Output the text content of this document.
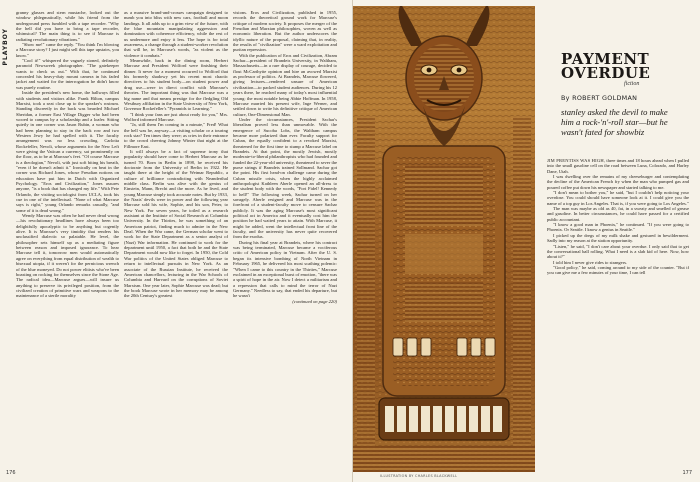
PLAYBOY

granny glasses and stern mustache, looked out the window phlegmatically, while his friend from the underground press fumbled with a tape recorder. "Why the hell did you have to bring a tape recorder, whimsical? The main thing is to see if Marcuse is radiating revolutionary vibrations."

"Show me!" came the reply. "You think I'm blowing a Marcuse story? I just might sell this tape upstairs, you know."

"Cool it!" whispered the vaguely stoned, definitely paranoid Newsweek photographer. "The gatekeeper wants to check us out." With that, he continued concealed his heavy-duty mount camera in his faded jacket and waited for the interrogation he didn't know was purely routine.

Inside the president's new home, the hallways filled with students and visitors alike. Frank Hilton, campus Marxist, took a seat close up to the speaker's rostrum. Standing discreetly in the back was bearded Michael Sheridan, a former East Village Digger who had been wooed to campus by a scholarship and a loafer. Sitting quietly in one corner was Jason Rubin, a woman who had been planning to stay in the back row and two Western Jewy he had spelled with it. The faculty arrangement was no less crowding. Carlotta Rockefeller, Nevoli, whose arguments for the New Left were giving the Vatican a currency, sat prominently on the floor, as to be at Marcuse's feet. "Of course Marcuse is a theologian," Nevoli, with just soft biting his breath, "even if he doesn't admit it." Ironically on beat in the corner was Richard Jones, whose Freudian notions on education have put him in Dutch with Organized Psychology. "Eros and Civilization," Jones assures anyone, "is a book that has changed my life." With Pete Orlando, the visiting sociologist from UCLA, took his cue in one of the intellectual. "None of what Marcuse says is right," young Orlando remarks casually, "and some of it is dead wrong."

Wendy Marcuse was often he had never dead wrong—his revolutionary headlines have always been too delightfully apocalyptic to be anything but cogently alive. It is Marcuse's very timidity that renders his unclassified dialectic so palatable. He level, the philosopher sets himself up as a mediating figure between reason and imposed ignorance. To hear Marcuse tell it, tomorrow men would automatically agree on everything from equal distribution of wealth to bisexual utopia, if it weren't for the pernicious wrench of the blue moneyed. Do not power elitists who've been boasting on rocking for themselves since the Stone Age. The radical idea—Marcuse argues—will insure us anything to preserve its privileged position, from the civilized creation of primitive wars and weapons to the maintenance of a sterile morality

as a massive brand-and-crosses campaign designed to numb you into bliss with new cars, football and moon landings. It all adds up to a grim view of the future, with the blue mountain manipulating aggression and domination with coherence efficiency, while the rest of us undermore and enjoy it less. The hope is for total awareness, a change through a student-worker revolution that will be, in Marcuse's words, "as violent as the violence it combats."

Meanwhile, back in the dining room, Herbert Marcuse and President Wolford were finishing their dinner. It never for a moment occurred to Wolford that his formerly shadowy yet his recent most chaotic directives to his student body—on student power and drug use—were in direct conflict with Marcuse's theories. The important thing was that Marcuse was a big name and that means prestige for the fledgling Old Westbury affiliation in the State University of New York, Governor Rockefeller's "Pyramids to Learning."

"I think your fans are just about ready for you," Mrs. Wolford informed Marcuse.

"Ja, still them I'm coming in a minute," Fred! What the hell was he, anyway—a visiting scholar or a touring rock star? Ten times they were; as cries in their entrance to the crowd cheering Johnny Winter that night at the Fillmore East.

It will always be a fact of supreme irony that popularity should have come to Herbert Marcuse as he turned 70. Born in Berlin in 1898, he received his doctorate from the University of Berlin in 1922. He taught there at the height of the Weimar Republic, a culture of brilliance contradicting with Neanderthal middle class. Berlin was alive with the genius of Einstein, Mann, Brecht and the more. As he lived, and young Marcuse simply took accurate notes. But by 1933, the Nazis' devils were in power and the following year Marcuse sold his wife, Sophie, and his son, Peter, to New York. For seven years, he toiled as a research assistant at the Institute of Social Research at Columbia University. In the Thirties, he was something of an American patriot, finding much to admire in the New Deal. When the War came, the German scholar went to work for the State Department as a senior analyst of (Nazi) War information. He continued to work for the department until 1950, a fact that both he and the State Department would now like to forget. In 1950, the Cold War politics of the United States obliged Marcuse to return to intellectual pursuits in New York. As an associate of the Russian Institute, he received the American chancellors, lecturing in the War Schools of Columbia and Harvard on the corruptions of Soviet Marxism. One year later, Sophie Marcuse was dead; but the book Marcuse wrote in her memory may be among the 20th Century's greatest

visions. Eros and Civilization, published in 1955, records the theoretical ground work for Marcuse's critique of modern society. It proposes the merger of the Freudian and Marxian philosophies, woven as well as economic liberation. But the author underscores the idyllic nature of the proposal, claiming that, in reality, the results of "civilization" were a ward exploitation and puritan repression.

With the publication of Eros and Civilization, Abram Sachar—president of Brandeis University, in Waltham, Massachusetts—in a rare display of courage, decided to flout McCarthyite opinion and hire an avowed Marxist as professor of politics. At Brandeis, Marcuse flowered, giving lectures—rendered unsure of American civilization—to packed student audiences. During his 12 years there, he reached many of today's most influential young: the most notable being Abbie Hoffman. In 1958, Marcuse married his present wife, Inge Werner, and settled down to write his definitive critique of American culture, One-Dimensional Man.

Under the circumstances, President Sachar's liberalism proved less than unmovable. With the emergence of Sucoba Lobs, the Waltham campus became more polarized than ever. Faculty support for Cuban, the equally confident to a revoked Marxist, threatened for the first time to stump a Marcuse label on Brandeis. At that point, the mostly Jewish, mostly moderate-to-liberal philanthropists who had founded and funded the 22-year-old university, threatened to sever the purse strings if Brandeis trained Sollmand. Sachar got the point. His first head-on challenge came during the Cuban missile crisis, when the highly acclaimed anthropologist Kathleen Aberle opened an all-dress to the student body with the words, "Fort Fidel! Kennedy to hell!" The following week, Sachar turned on her savagely. Aberle resigned and Marcuse was in the forefront of a student-faculty move to censure Sachar publicly. It was the aging Marcuse's most significant political act in America and it eventually cost him the position he had waited years to attain. With Marcuse, it might be added, went the intellectual front line of the faculty, and the university has never quite recovered from the exodus.

During his final year at Brandeis, where his contract was being terminated, Marcuse became a vociferous critic of American policy in Vietnam. After the U. S. began its intensive bombing of North Vietnam in February 1965, he delivered his most scathing polemic: "When I came to this country in the Thirties," Marcuse exclaimed in an exceptional burst of emotion, "there was a spirit of hope in the air. Now I detect a militarism and a repression that calls to mind the terror of Nazi Germany." Needless to say, that ended his departure, but he wasn't

(continued on page 220)

176	177
ILLUSTRATION BY CHARLES BLACKWELL
PAYMENT OVERDUE
fiction
By ROBERT GOLDMAN
stanley asked the devil to make him a rock-'n'-roll star—but he wasn't fated for showbiz

JIM PRENTISS WAS HIGH, three times and 18 hours ahead when I pulled into the small gasoline cell on the road between Luna, Colorado, and Harley Dane, Utah.

I was dwelling over the remains of my cheeseburger and contemplating the decline of the American French fry when the man who pumped gas and poured coffee put down his newspaper and started talking to me.

"I don't mean to bother you," he said, "but I couldn't help noticing your overdose. You could should have someone look at it. I could give you the name of a top guy in Los Angeles. That is, if you were going to Los Angeles."

The man was maybe as old as 40, fat, in a sweaty and smelled of grease and gasoline. In better circumstances, he could have passed for a certified public accountant.

"I know a good man in Phoenix," he continued. "If you were going to Phoenix. Or Seattle. I know a genius in Seattle."

I picked up the dregs of my milk shake and gestured in bewilderment. Sadly into my reason at the station opportunity.

"Listen," he said, "I don't care about your overdue. I only said that to get the conversational ball rolling. What I need is a slab kid of here. Now, how about it?"

I told him I never give rides to strangers.

"Good policy," he said, coming around to my side of the counter. "But if you can give me a few minutes of your time, I can tell
